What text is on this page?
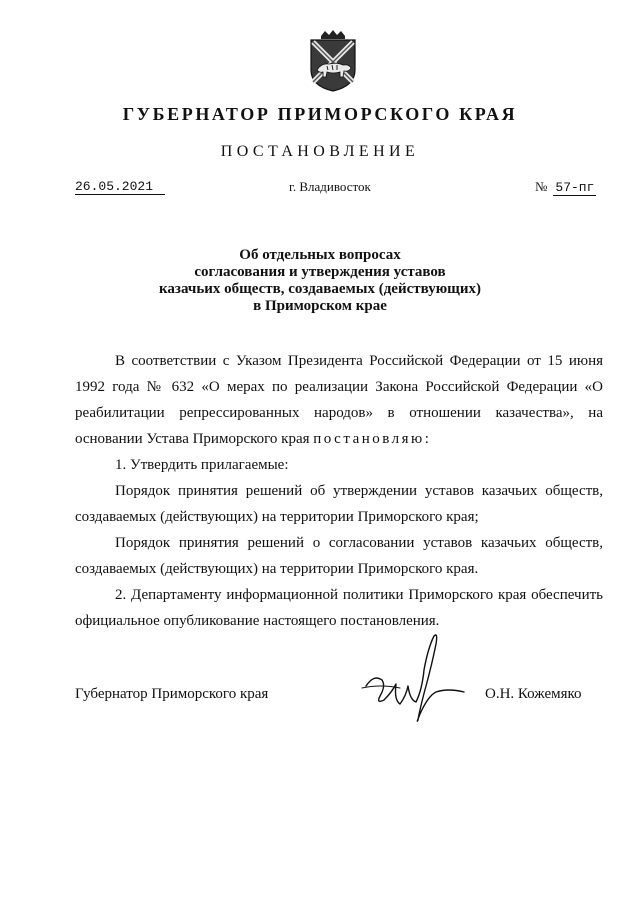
ГУБЕРНАТОР ПРИМОРСКОГО КРАЯ
ПОСТАНОВЛЕНИЕ
26.05.2021	г. Владивосток	№ 57-пг
Об отдельных вопросах
согласования и утверждения уставов
казачьих обществ, создаваемых (действующих)
в Приморском крае

В соответствии с Указом Президента Российской Федерации от 15 июня 1992 года № 632 «О мерах по реализации Закона Российской Федерации «О реабилитации репрессированных народов» в отношении казачества», на основании Устава Приморского края постановляю:

1. Утвердить прилагаемые:

Порядок принятия решений об утверждении уставов казачьих обществ, создаваемых (действующих) на территории Приморского края;

Порядок принятия решений о согласовании уставов казачьих обществ, создаваемых (действующих) на территории Приморского края.

2. Департаменту информационной политики Приморского края обеспечить официальное опубликование настоящего постановления.

Губернатор Приморского края	О.Н. Кожемяко
